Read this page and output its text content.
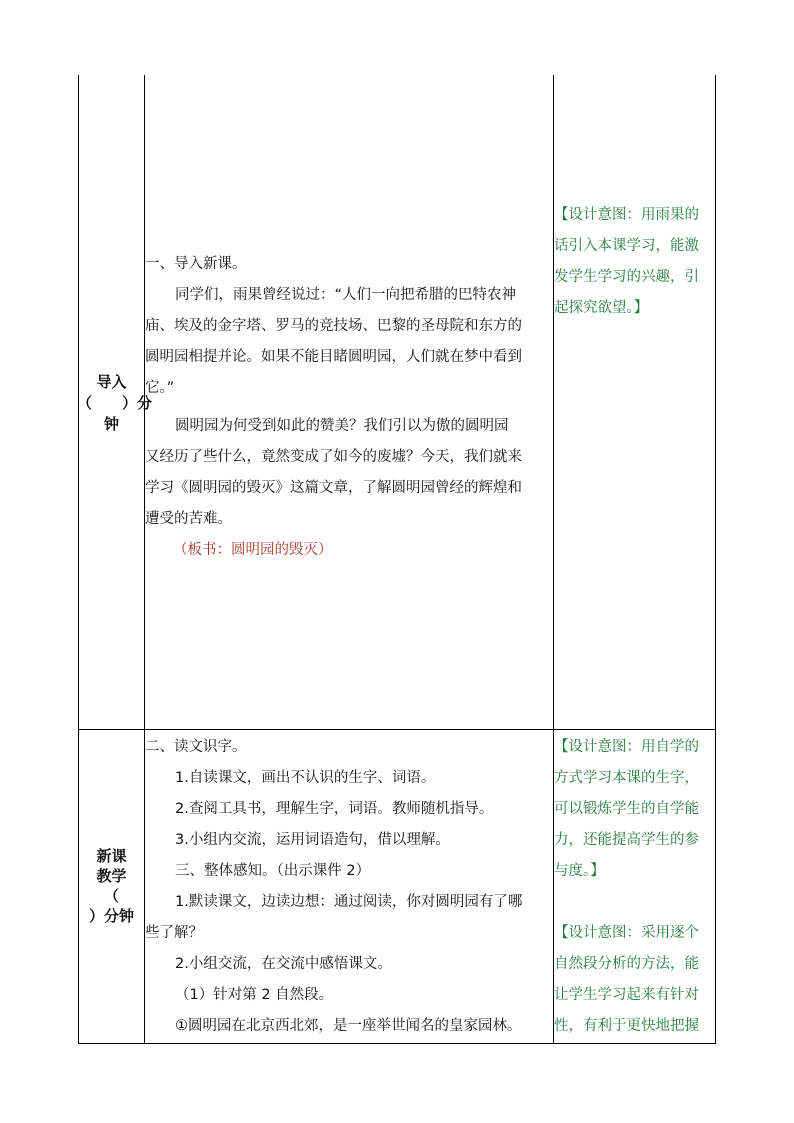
导入
（　　）分
钟
一、导入新课。
同学们，雨果曾经说过：“人们一向把希腊的巴特农神
庙、埃及的金字塔、罗马的竞技场、巴黎的圣母院和东方的
圆明园相提并论。如果不能目睹圆明园，人们就在梦中看到
它。”
圆明园为何受到如此的赞美？我们引以为傲的圆明园
又经历了些什么，竟然变成了如今的废墟？今天，我们就来
学习《圆明园的毁灭》这篇文章，了解圆明园曾经的辉煌和
遭受的苦难。
（板书：圆明园的毁灭）
【设计意图：用雨果的
话引入本课学习，能激
发学生学习的兴趣，引
起探究欲望。】
新课
教学
（
）分钟
二、读文识字。
1.自读课文，画出不认识的生字、词语。
2.查阅工具书，理解生字，词语。教师随机指导。
3.小组内交流，运用词语造句，借以理解。
三、整体感知。（出示课件 2）
1.默读课文，边读边想：通过阅读，你对圆明园有了哪
些了解？
2.小组交流，在交流中感悟课文。
（1）针对第 2 自然段。
①圆明园在北京西北郊，是一座举世闻名的皇家园林。
【设计意图：用自学的
方式学习本课的生字，
可以锻炼学生的自学能
力，还能提高学生的参
与度。】
【设计意图：采用逐个
自然段分析的方法，能
让学生学习起来有针对
性，有利于更快地把握
